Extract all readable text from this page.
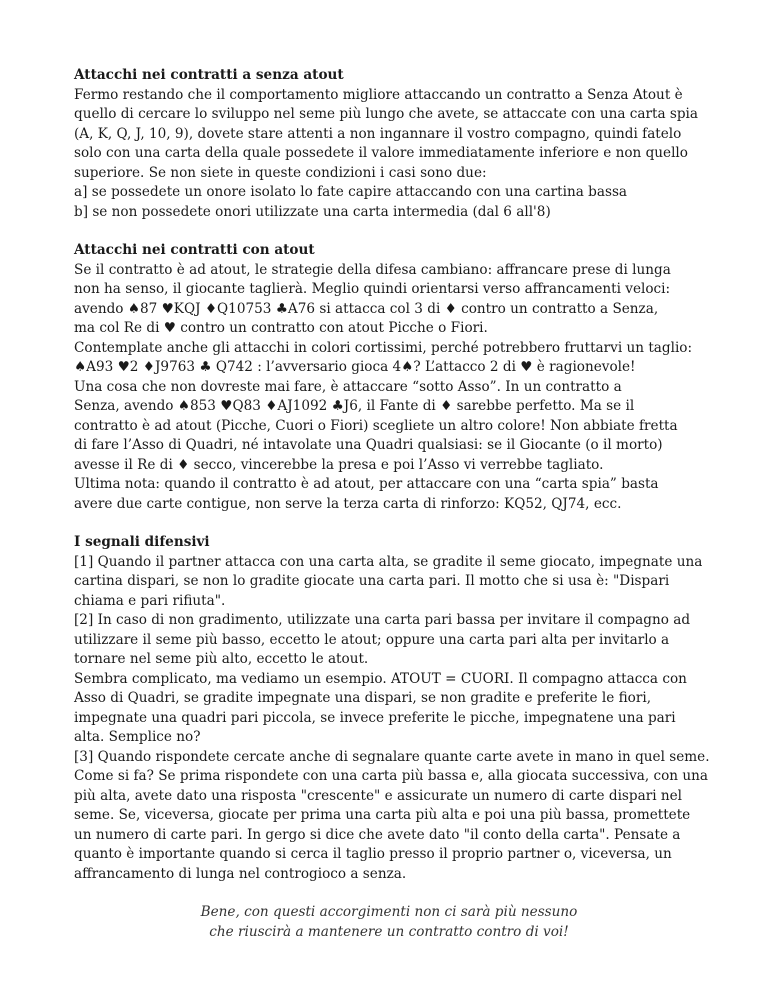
Attacchi nei contratti a senza atout
Fermo restando che il comportamento migliore attaccando un contratto a Senza Atout è
quello di cercare lo sviluppo nel seme più lungo che avete, se attaccate con una carta spia
(A, K, Q, J, 10, 9), dovete stare attenti a non ingannare il vostro compagno, quindi fatelo
solo con una carta della quale possedete il valore immediatamente inferiore e non quello
superiore. Se non siete in queste condizioni i casi sono due:
a] se possedete un onore isolato lo fate capire attaccando con una cartina bassa
b] se non possedete onori utilizzate una carta intermedia (dal 6 all'8)
Attacchi nei contratti con atout
Se il contratto è ad atout, le strategie della difesa cambiano: affrancare prese di lunga
non ha senso, il giocante taglierà. Meglio quindi orientarsi verso affrancamenti veloci:
avendo ♠87 ♥KQJ ♦Q10753 ♣A76 si attacca col 3 di ♦ contro un contratto a Senza,
ma col Re di ♥ contro un contratto con atout Picche o Fiori.
Contemplate anche gli attacchi in colori cortissimi, perché potrebbero fruttarvi un taglio:
♠A93 ♥2 ♦J9763 ♣ Q742 : l’avversario gioca 4♠? L’attacco 2 di ♥ è ragionevole!
Una cosa che non dovreste mai fare, è attaccare “sotto Asso”. In un contratto a
Senza, avendo ♠853 ♥Q83 ♦AJ1092 ♣J6, il Fante di ♦ sarebbe perfetto. Ma se il
contratto è ad atout (Picche, Cuori o Fiori) scegliete un altro colore! Non abbiate fretta
di fare l’Asso di Quadri, né intavolate una Quadri qualsiasi: se il Giocante (o il morto)
avesse il Re di ♦ secco, vincerebbe la presa e poi l’Asso vi verrebbe tagliato.
Ultima nota: quando il contratto è ad atout, per attaccare con una “carta spia” basta
avere due carte contigue, non serve la terza carta di rinforzo: KQ52, QJ74, ecc.
I segnali difensivi
[1] Quando il partner attacca con una carta alta, se gradite il seme giocato, impegnate una
cartina dispari, se non lo gradite giocate una carta pari. Il motto che si usa è: "Dispari
chiama e pari rifiuta".
[2] In caso di non gradimento, utilizzate una carta pari bassa per invitare il compagno ad
utilizzare il seme più basso, eccetto le atout; oppure una carta pari alta per invitarlo a
tornare nel seme più alto, eccetto le atout.
Sembra complicato, ma vediamo un esempio. ATOUT = CUORI. Il compagno attacca con
Asso di Quadri, se gradite impegnate una dispari, se non gradite e preferite le fiori,
impegnate una quadri pari piccola, se invece preferite le picche, impegnatene una pari
alta. Semplice no?
[3] Quando rispondete cercate anche di segnalare quante carte avete in mano in quel seme.
Come si fa? Se prima rispondete con una carta più bassa e, alla giocata successiva, con una
più alta, avete dato una risposta "crescente" e assicurate un numero di carte dispari nel
seme. Se, viceversa, giocate per prima una carta più alta e poi una più bassa, promettete
un numero di carte pari. In gergo si dice che avete dato "il conto della carta". Pensate a
quanto è importante quando si cerca il taglio presso il proprio partner o, viceversa, un
affrancamento di lunga nel controgioco a senza.
Bene, con questi accorgimenti non ci sarà più nessuno
che riuscirà a mantenere un contratto contro di voi!
